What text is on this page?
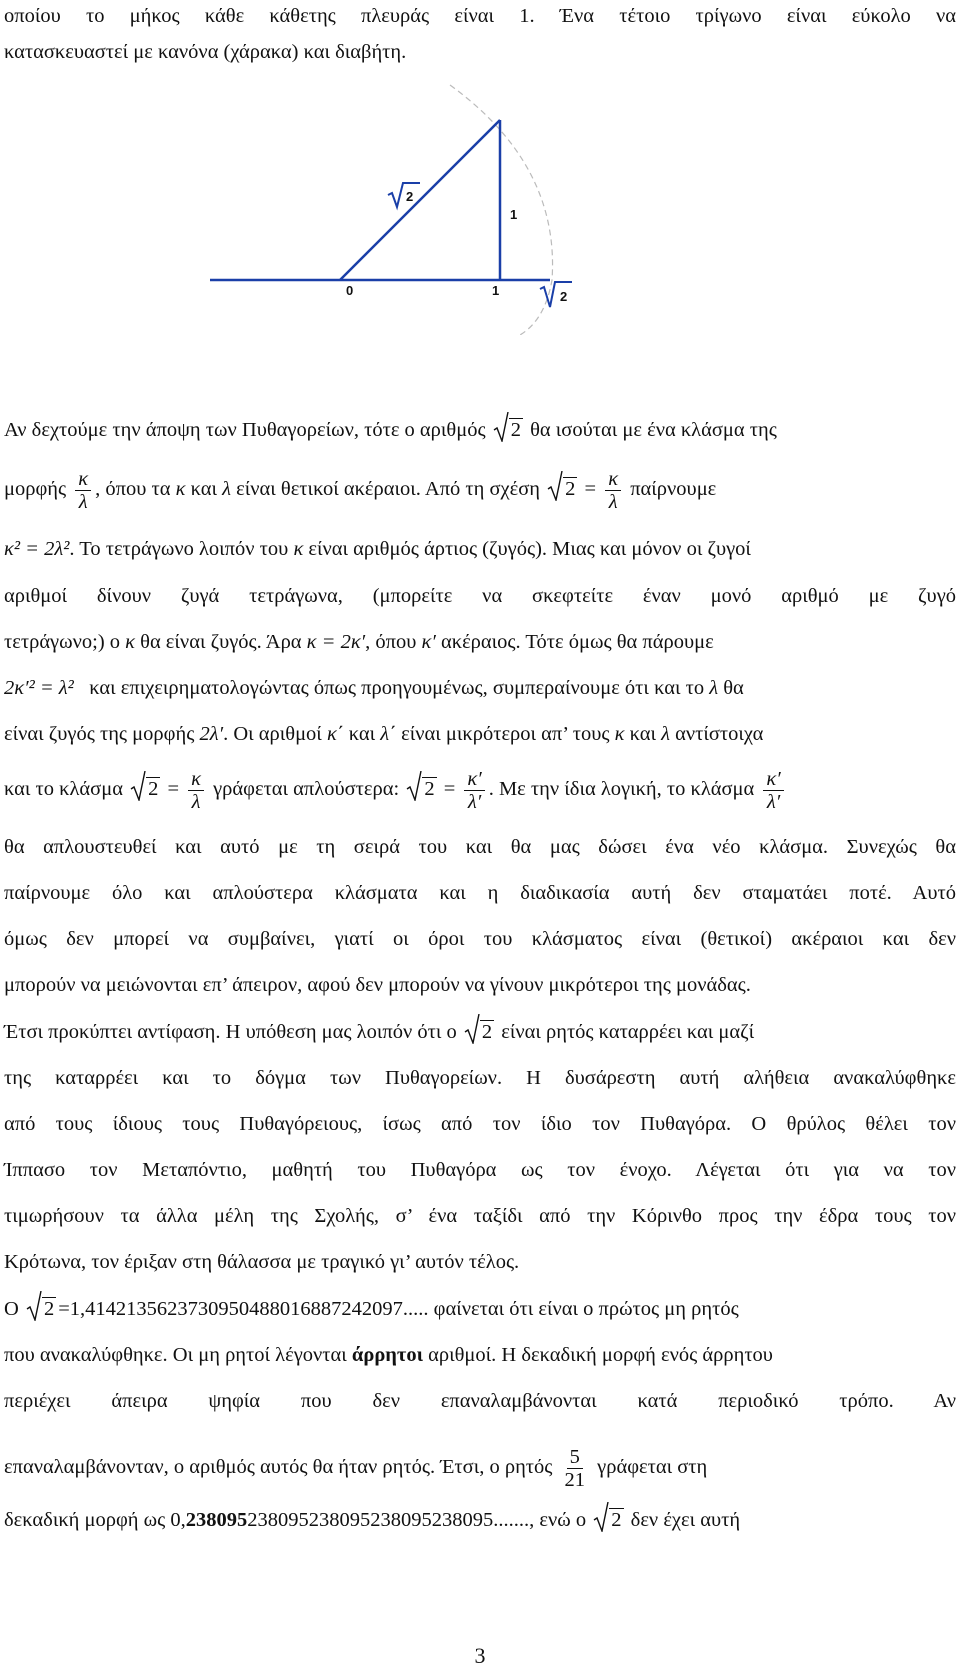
οποίου το μήκος κάθε κάθετης πλευράς είναι 1. Ένα τέτοιο τρίγωνο είναι εύκολο να
κατασκευαστεί με κανόνα (χάρακα) και διαβήτη.
2
1
0	1	2
Αν δεχτούμε την άποψη των Πυθαγορείων, τότε ο αριθμός 2 θα ισούται με ένα κλάσμα της
μορφής $\frac{\kappa}{\lambda}$ , όπου τα κ και λ είναι θετικοί ακέραιοι. Από τη σχέση $2 = \frac{\kappa}{\lambda}$ παίρνουμε
κ² = 2λ². Το τετράγωνο λοιπόν του κ είναι αριθμός άρτιος (ζυγός). Μιας και μόνον οι ζυγοί
αριθμοί δίνουν ζυγά τετράγωνα, (μπορείτε να σκεφτείτε έναν μονό αριθμό με ζυγό
τετράγωνο;) ο κ θα είναι ζυγός. Άρα κ = 2κ′, όπου κ′ ακέραιος. Τότε όμως θα πάρουμε
2κ′² = λ² και επιχειρηματολογώντας όπως προηγουμένως, συμπεραίνουμε ότι και το λ θα
είναι ζυγός της μορφής 2λ′. Οι αριθμοί κ΄ και λ΄ είναι μικρότεροι απ’ τους κ και λ αντίστοιχα
και το κλάσμα $2 = \frac{\kappa}{\lambda}$ γράφεται απλούστερα: $2 = \frac{\kappa'}{\lambda'}$ . Με την ίδια λογική, το κλάσμα $\frac{\kappa'}{\lambda'}$
θα απλουστευθεί και αυτό με τη σειρά του και θα μας δώσει ένα νέο κλάσμα. Συνεχώς θα
παίρνουμε όλο και απλούστερα κλάσματα και η διαδικασία αυτή δεν σταματάει ποτέ. Αυτό
όμως δεν μπορεί να συμβαίνει, γιατί οι όροι του κλάσματος είναι (θετικοί) ακέραιοι και δεν
μπορούν να μειώνονται επ’ άπειρον, αφού δεν μπορούν να γίνουν μικρότεροι της μονάδας.
Έτσι προκύπτει αντίφαση. Η υπόθεση μας λοιπόν ότι ο 2 είναι ρητός καταρρέει και μαζί
της καταρρέει και το δόγμα των Πυθαγορείων. Η δυσάρεστη αυτή αλήθεια ανακαλύφθηκε
από τους ίδιους τους Πυθαγόρειους, ίσως από τον ίδιο τον Πυθαγόρα. Ο θρύλος θέλει τον
Ίππασο τον Μεταπόντιο, μαθητή του Πυθαγόρα ως τον ένοχο. Λέγεται ότι για να τον
τιμωρήσουν τα άλλα μέλη της Σχολής, σ’ ένα ταξίδι από την Κόρινθο προς την έδρα τους τον
Κρότωνα, τον έριξαν στη θάλασσα με τραγικό γι’ αυτόν τέλος.
Ο 2 =1,4142135623730950488016887242097..... φαίνεται ότι είναι ο πρώτος μη ρητός
που ανακαλύφθηκε. Οι μη ρητοί λέγονται άρρητοι αριθμοί. Η δεκαδική μορφή ενός άρρητου
περιέχει άπειρα ψηφία που δεν επαναλαμβάνονται κατά περιοδικό τρόπο. Αν
επαναλαμβάνονταν, ο αριθμός αυτός θα ήταν ρητός. Έτσι, ο ρητός $\frac{5}{21}$ γράφεται στη
δεκαδική μορφή ως 0,238095238095238095238095238095......., ενώ ο 2 δεν έχει αυτή
3
